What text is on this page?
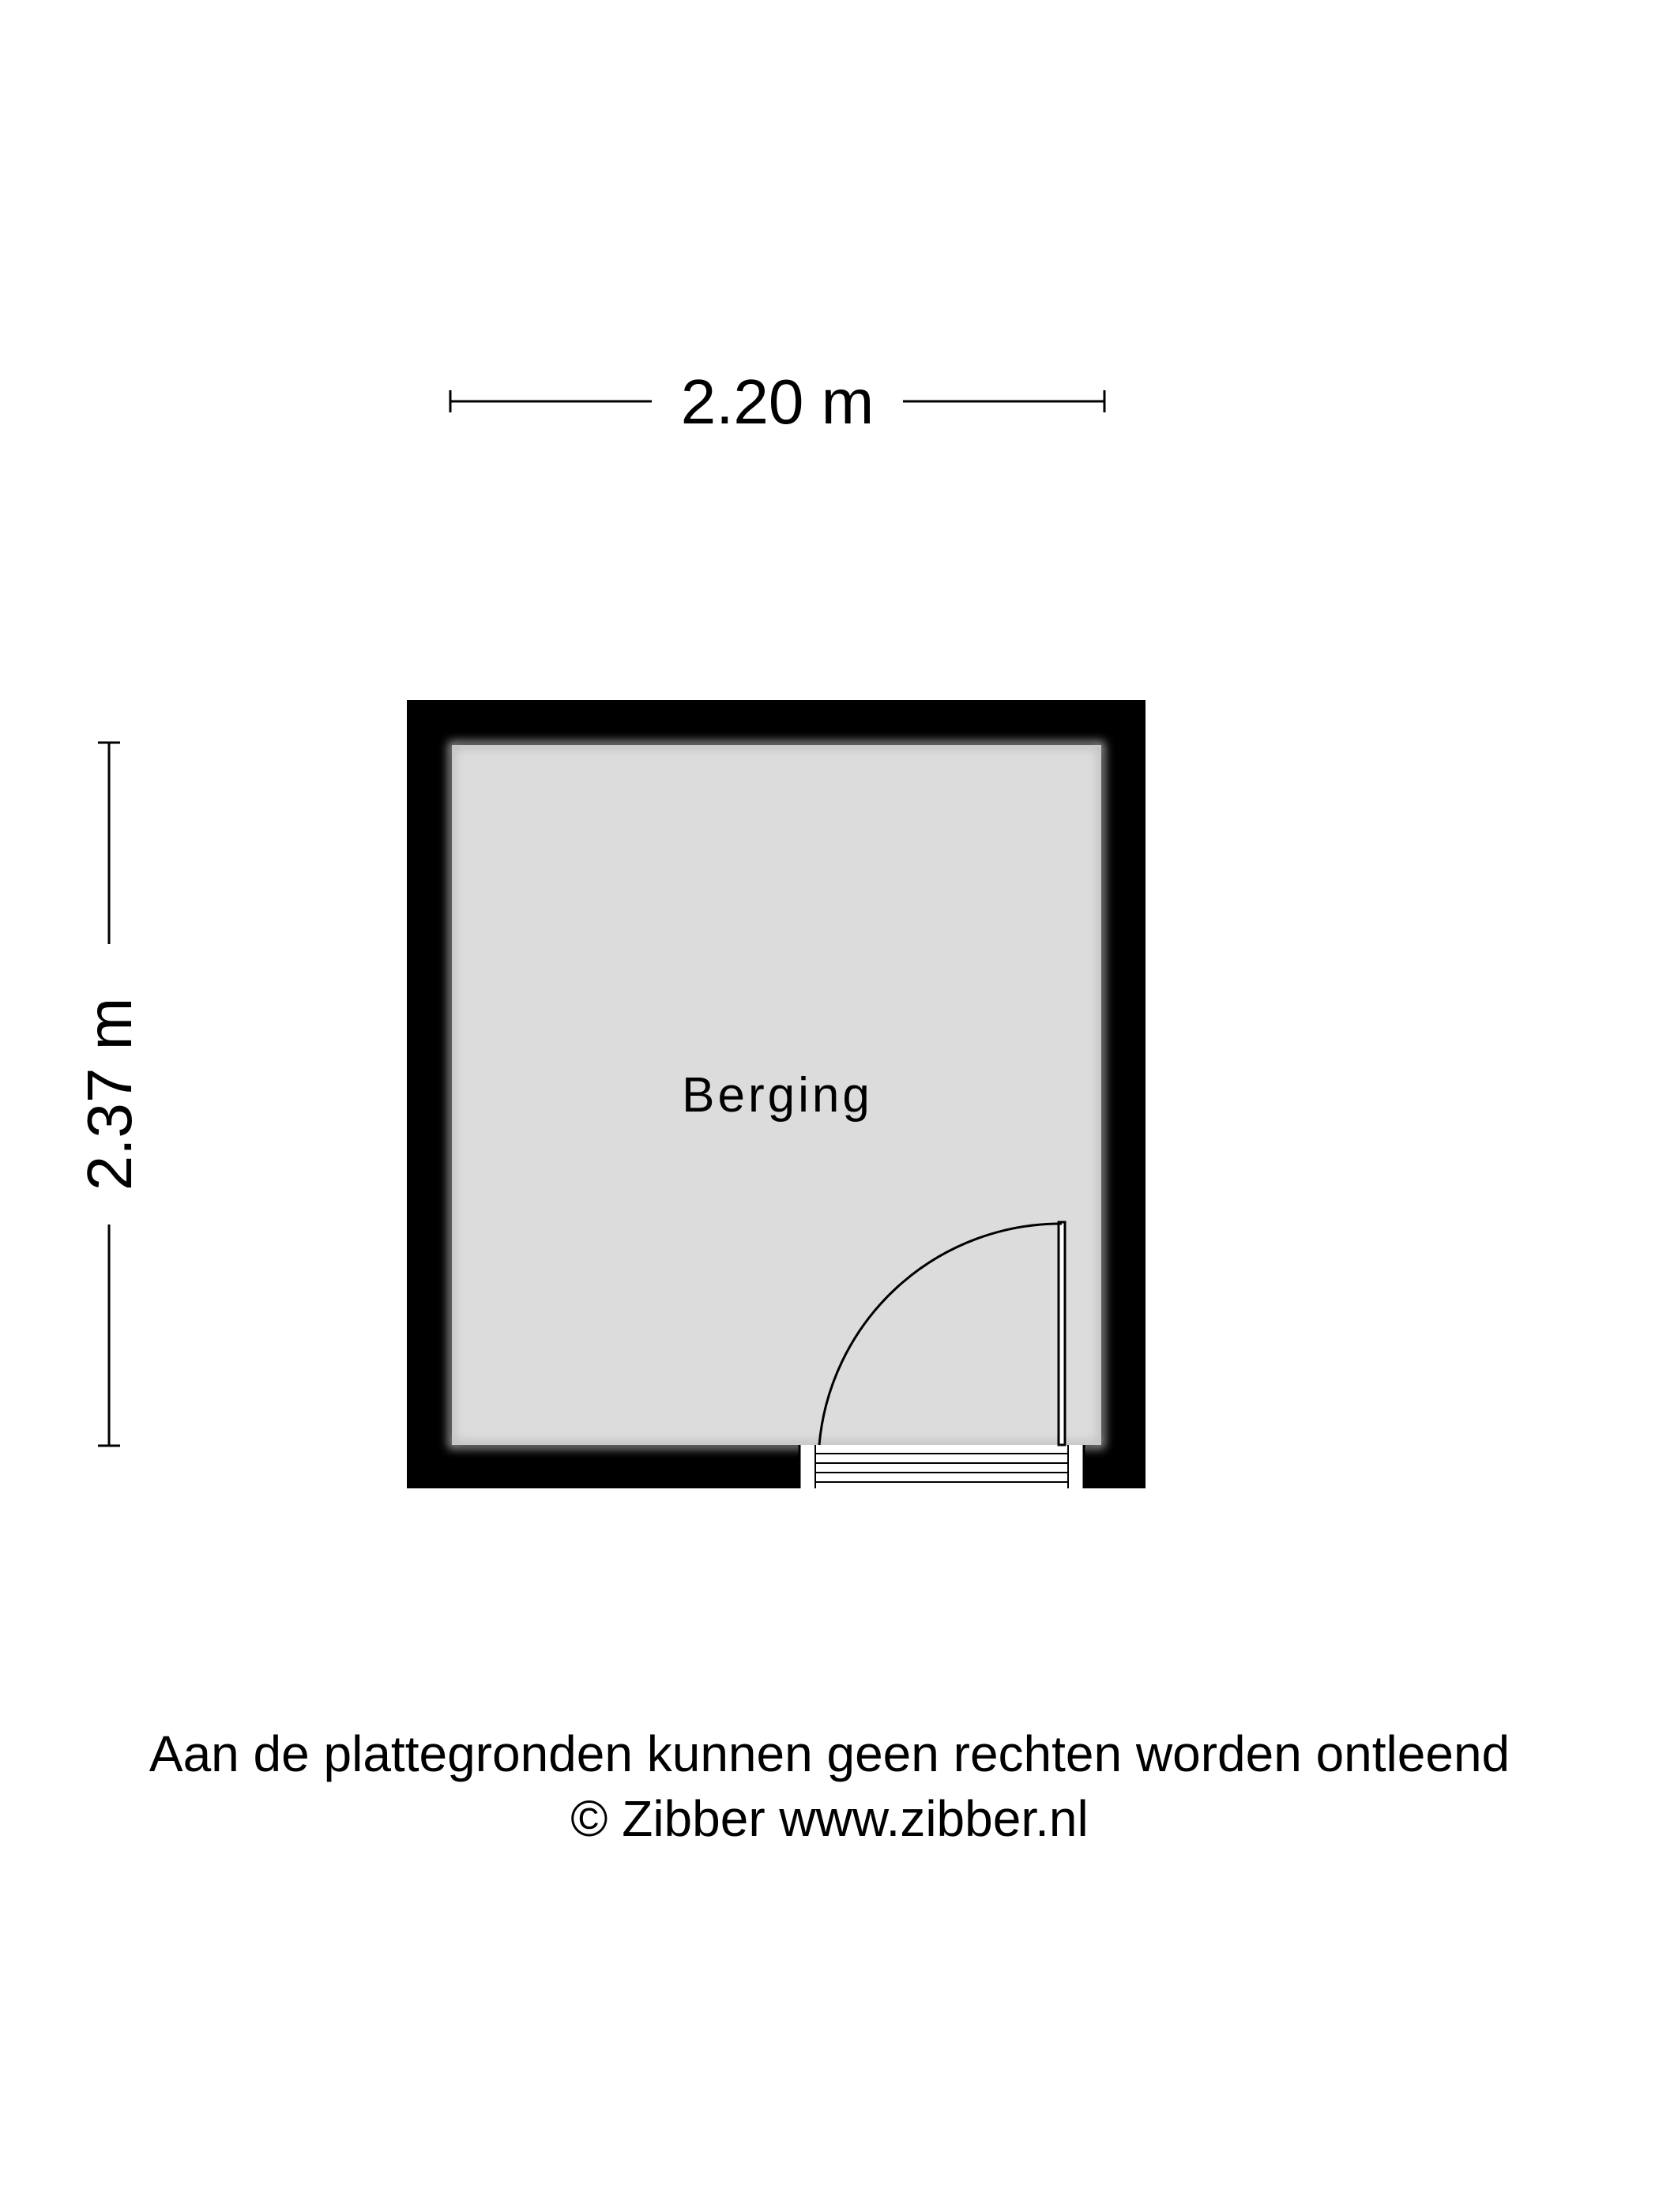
2.20 m
2.37 m	Berging
Aan de plattegronden kunnen geen rechten worden ontleend
© Zibber www.zibber.nl
